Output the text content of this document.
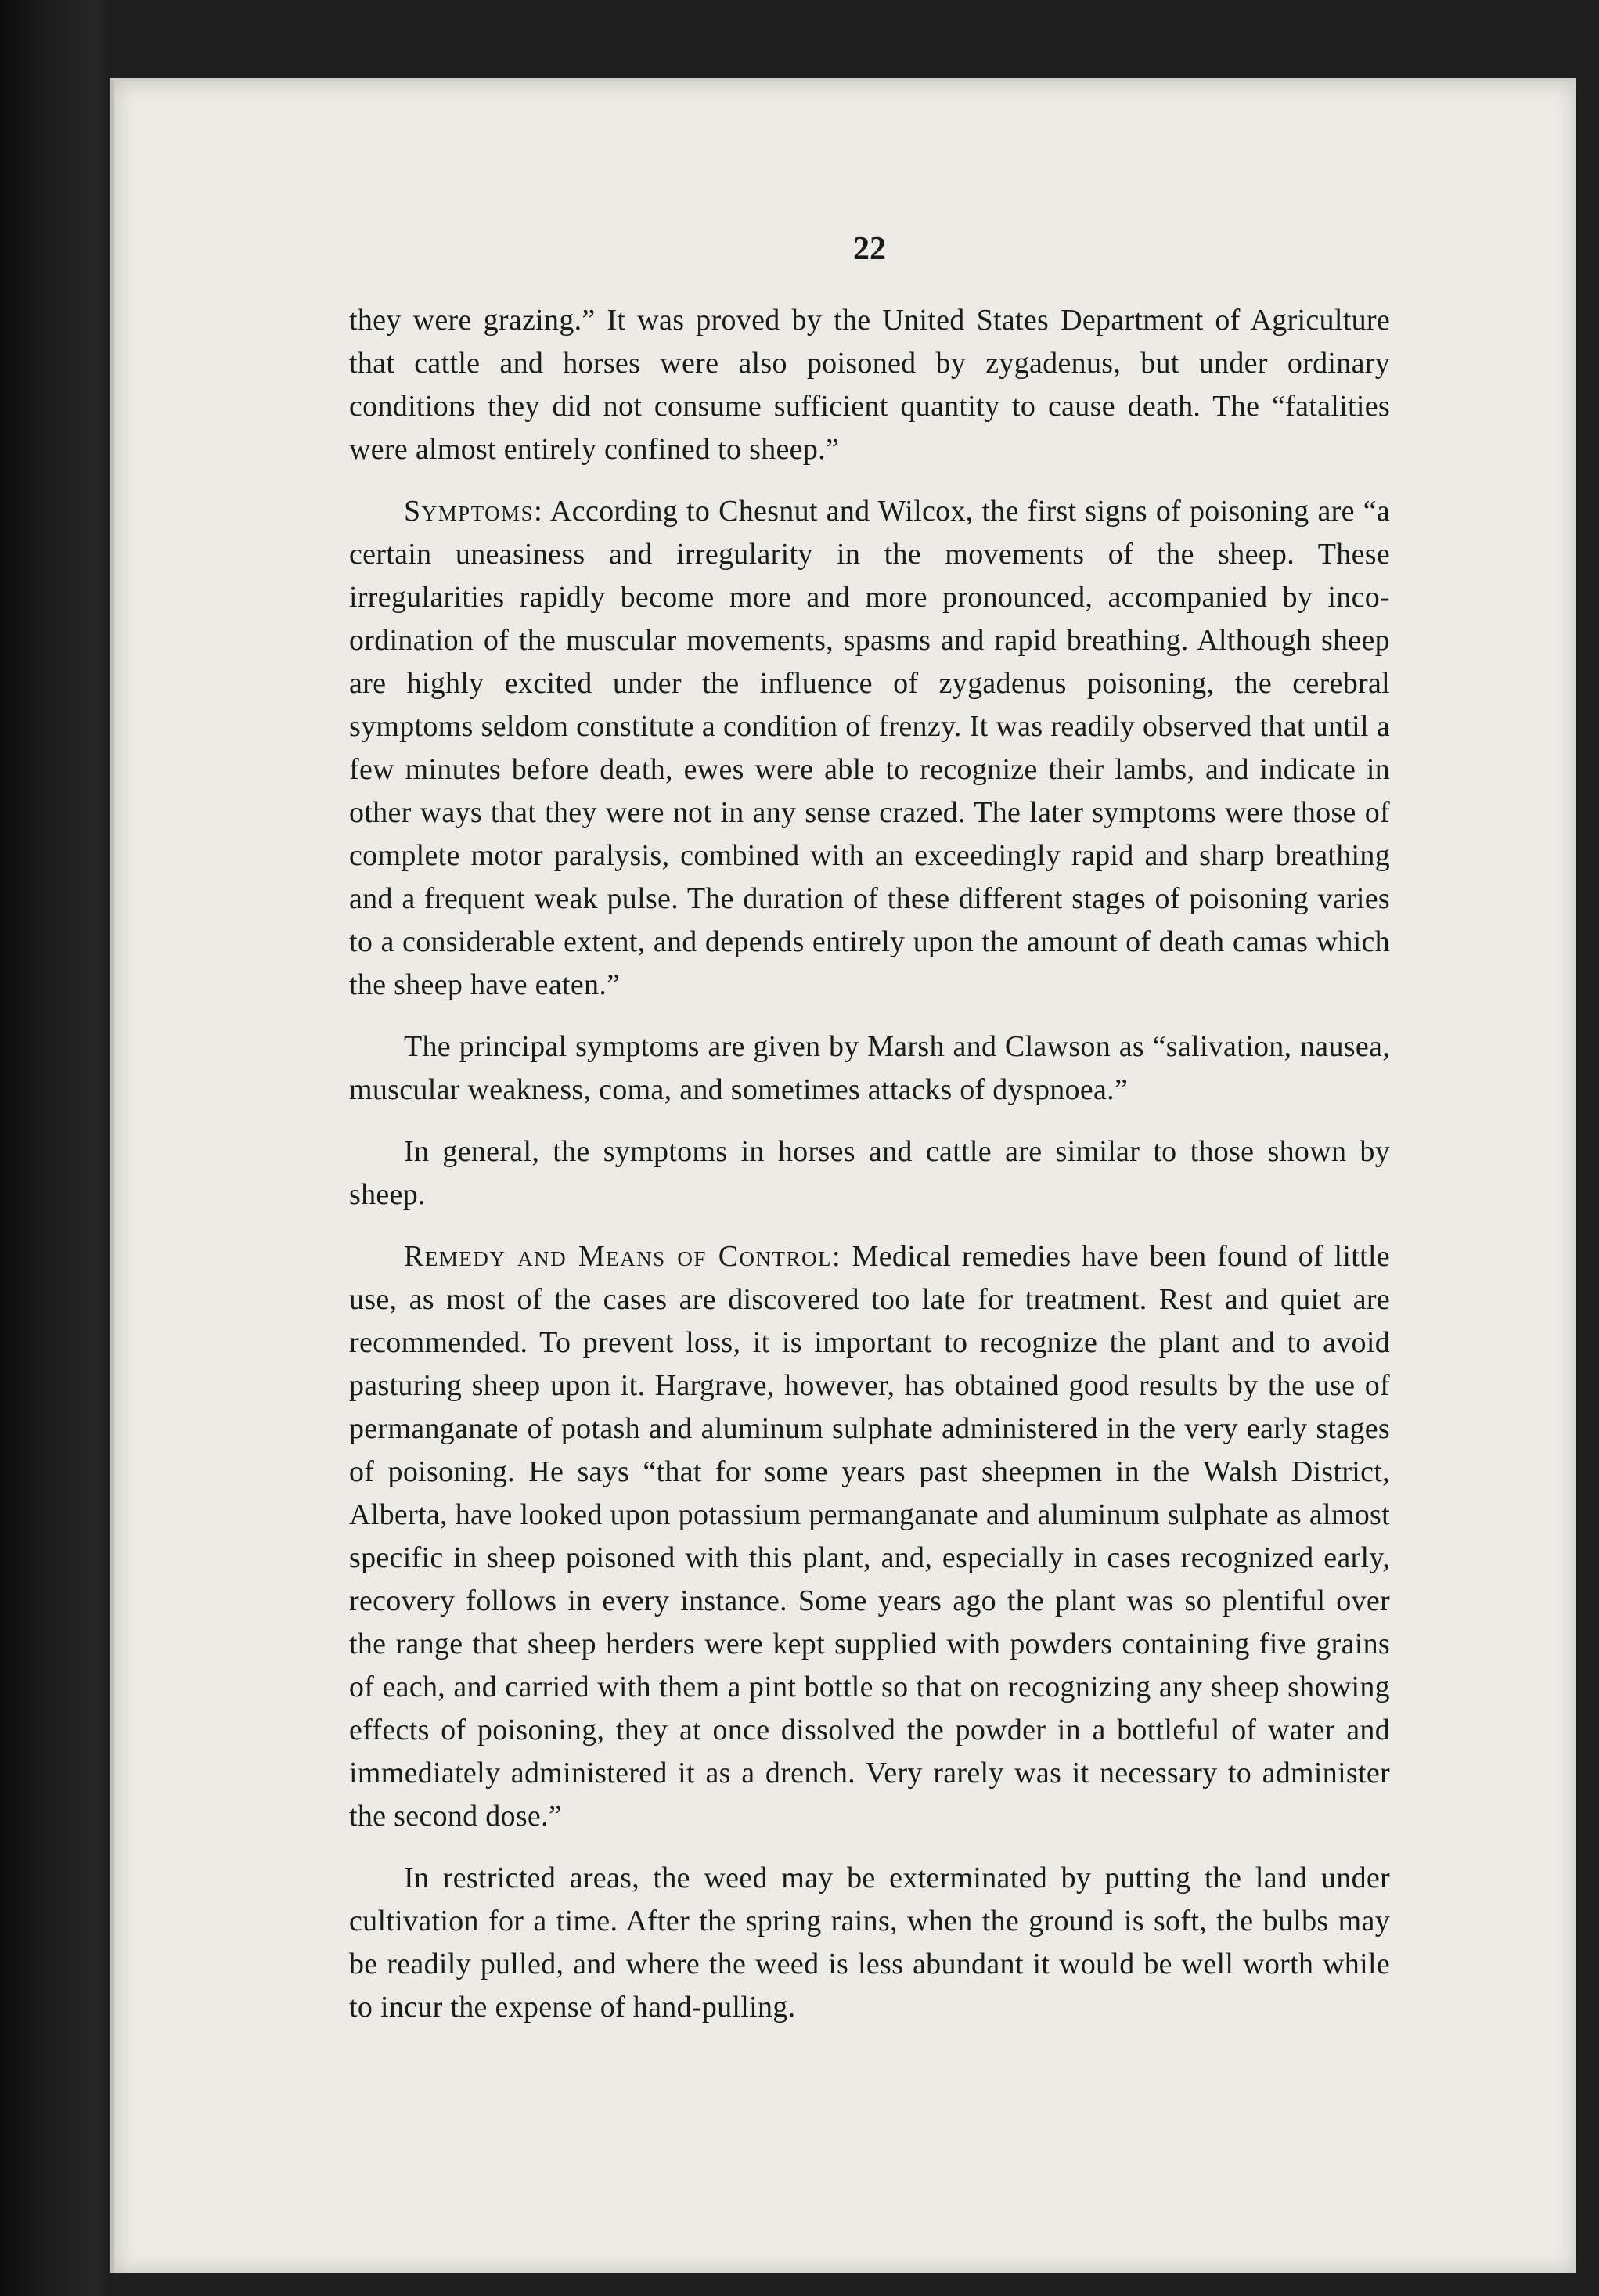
22

they were grazing.” It was proved by the United States Department of Agriculture that cattle and horses were also poisoned by zygadenus, but under ordinary conditions they did not consume sufficient quantity to cause death. The “fatalities were almost entirely confined to sheep.”

Symptoms: According to Chesnut and Wilcox, the first signs of poisoning are “a certain uneasiness and irregularity in the movements of the sheep. These irregularities rapidly become more and more pronounced, accompanied by inco-ordination of the muscular movements, spasms and rapid breathing. Although sheep are highly excited under the influence of zygadenus poisoning, the cerebral symptoms seldom constitute a condition of frenzy. It was readily observed that until a few minutes before death, ewes were able to recognize their lambs, and indicate in other ways that they were not in any sense crazed. The later symptoms were those of complete motor paralysis, combined with an exceedingly rapid and sharp breathing and a frequent weak pulse. The duration of these different stages of poisoning varies to a considerable extent, and depends entirely upon the amount of death camas which the sheep have eaten.”

The principal symptoms are given by Marsh and Clawson as “salivation, nausea, muscular weakness, coma, and sometimes attacks of dyspnoea.”

In general, the symptoms in horses and cattle are similar to those shown by sheep.

Remedy and Means of Control: Medical remedies have been found of little use, as most of the cases are discovered too late for treatment. Rest and quiet are recommended. To prevent loss, it is important to recognize the plant and to avoid pasturing sheep upon it. Hargrave, however, has obtained good results by the use of permanganate of potash and aluminum sulphate administered in the very early stages of poisoning. He says “that for some years past sheepmen in the Walsh District, Alberta, have looked upon potassium permanganate and aluminum sulphate as almost specific in sheep poisoned with this plant, and, especially in cases recognized early, recovery follows in every instance. Some years ago the plant was so plentiful over the range that sheep herders were kept supplied with powders containing five grains of each, and carried with them a pint bottle so that on recognizing any sheep showing effects of poisoning, they at once dissolved the powder in a bottleful of water and immediately administered it as a drench. Very rarely was it necessary to administer the second dose.”

In restricted areas, the weed may be exterminated by putting the land under cultivation for a time. After the spring rains, when the ground is soft, the bulbs may be readily pulled, and where the weed is less abundant it would be well worth while to incur the expense of hand-pulling.
